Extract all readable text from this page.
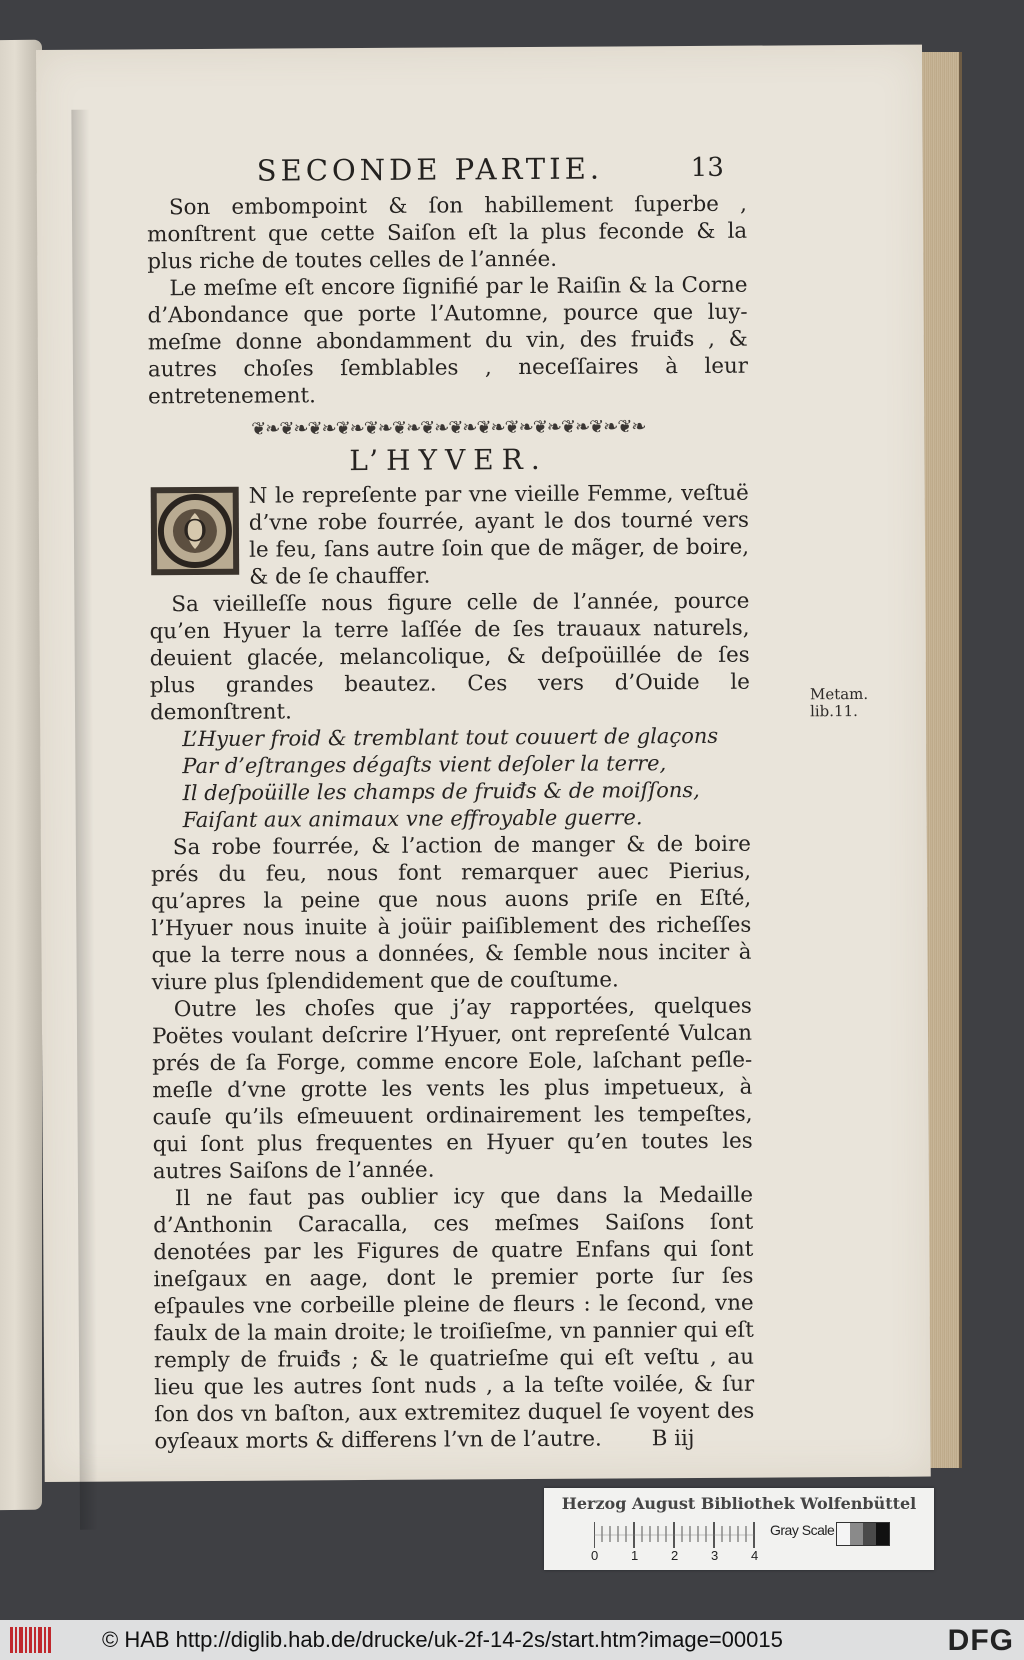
SECONDE PARTIE.	13

Son embompoint & ſon habillement ſuperbe , monſtrent que cette Saiſon eſt la plus feconde & la plus riche de toutes celles de l’année.

Le meſme eſt encore ſignifié par le Raiſin & la Corne d’Abondance que porte l’Automne, pource que luy-meſme donne abondamment du vin, des fruiđs , & autres choſes ſemblables , neceſſaires à leur entretenement.

❦❧❦❧❦❧❦❧❦❧❦❧❦❧❦❧❦❧❦❧❦❧❦❧❦❧❦❧
L’HYVER.
O

N le repreſente par vne vieille Femme, veſtuë d’vne robe fourrée, ayant le dos tourné vers le feu, ſans autre ſoin que de mãger, de boire, & de ſe chauffer.

Sa vieilleſſe nous figure celle de l’année, pource qu’en Hyuer la terre laſſée de ſes trauaux naturels, deuient glacée, melancolique, & deſpoüillée de ſes plus grandes beautez. Ces vers d’Ouide le demonſtrent.

L’Hyuer froid & tremblant tout couuert de glaçons
Par d’eſtranges dégaſts vient deſoler la terre,
Il deſpoüille les champs de fruiđs & de moiſſons,
Faiſant aux animaux vne effroyable guerre.

Sa robe fourrée, & l’action de manger & de boire prés du feu, nous font remarquer auec Pierius, qu’apres la peine que nous auons priſe en Eſté, l’Hyuer nous inuite à joüir paiſiblement des richeſſes que la terre nous a données, & ſemble nous inciter à viure plus ſplendidement que de couſtume.

Outre les choſes que j’ay rapportées, quelques Poëtes voulant deſcrire l’Hyuer, ont repreſenté Vulcan prés de ſa Forge, comme encore Eole, laſchant peſle-meſle d’vne grotte les vents les plus impetueux, à cauſe qu’ils eſmeuuent ordinairement les tempeſtes, qui ſont plus frequentes en Hyuer qu’en toutes les autres Saiſons de l’année.

Il ne faut pas oublier icy que dans la Medaille d’Anthonin Caracalla, ces meſmes Saiſons ſont denotées par les Figures de quatre Enfans qui ſont ineſgaux en aage, dont le premier porte ſur ſes eſpaules vne corbeille pleine de fleurs : le ſecond, vne faulx de la main droite; le troiſieſme, vn pannier qui eſt remply de fruiđs ; & le quatrieſme qui eſt veſtu , au lieu que les autres ſont nuds , a la teſte voilée, & ſur ſon dos vn baſton, aux extremitez duquel ſe voyent des oyſeaux morts & differens l’vn de l’autre.	B iij
Metam.
lib.11.
Herzog August Bibliothek Wolfenbüttel
0	1	2	3	4
Gray Scale
© HAB http://diglib.hab.de/drucke/uk-2f-14-2s/start.htm?image=00015	DFG
